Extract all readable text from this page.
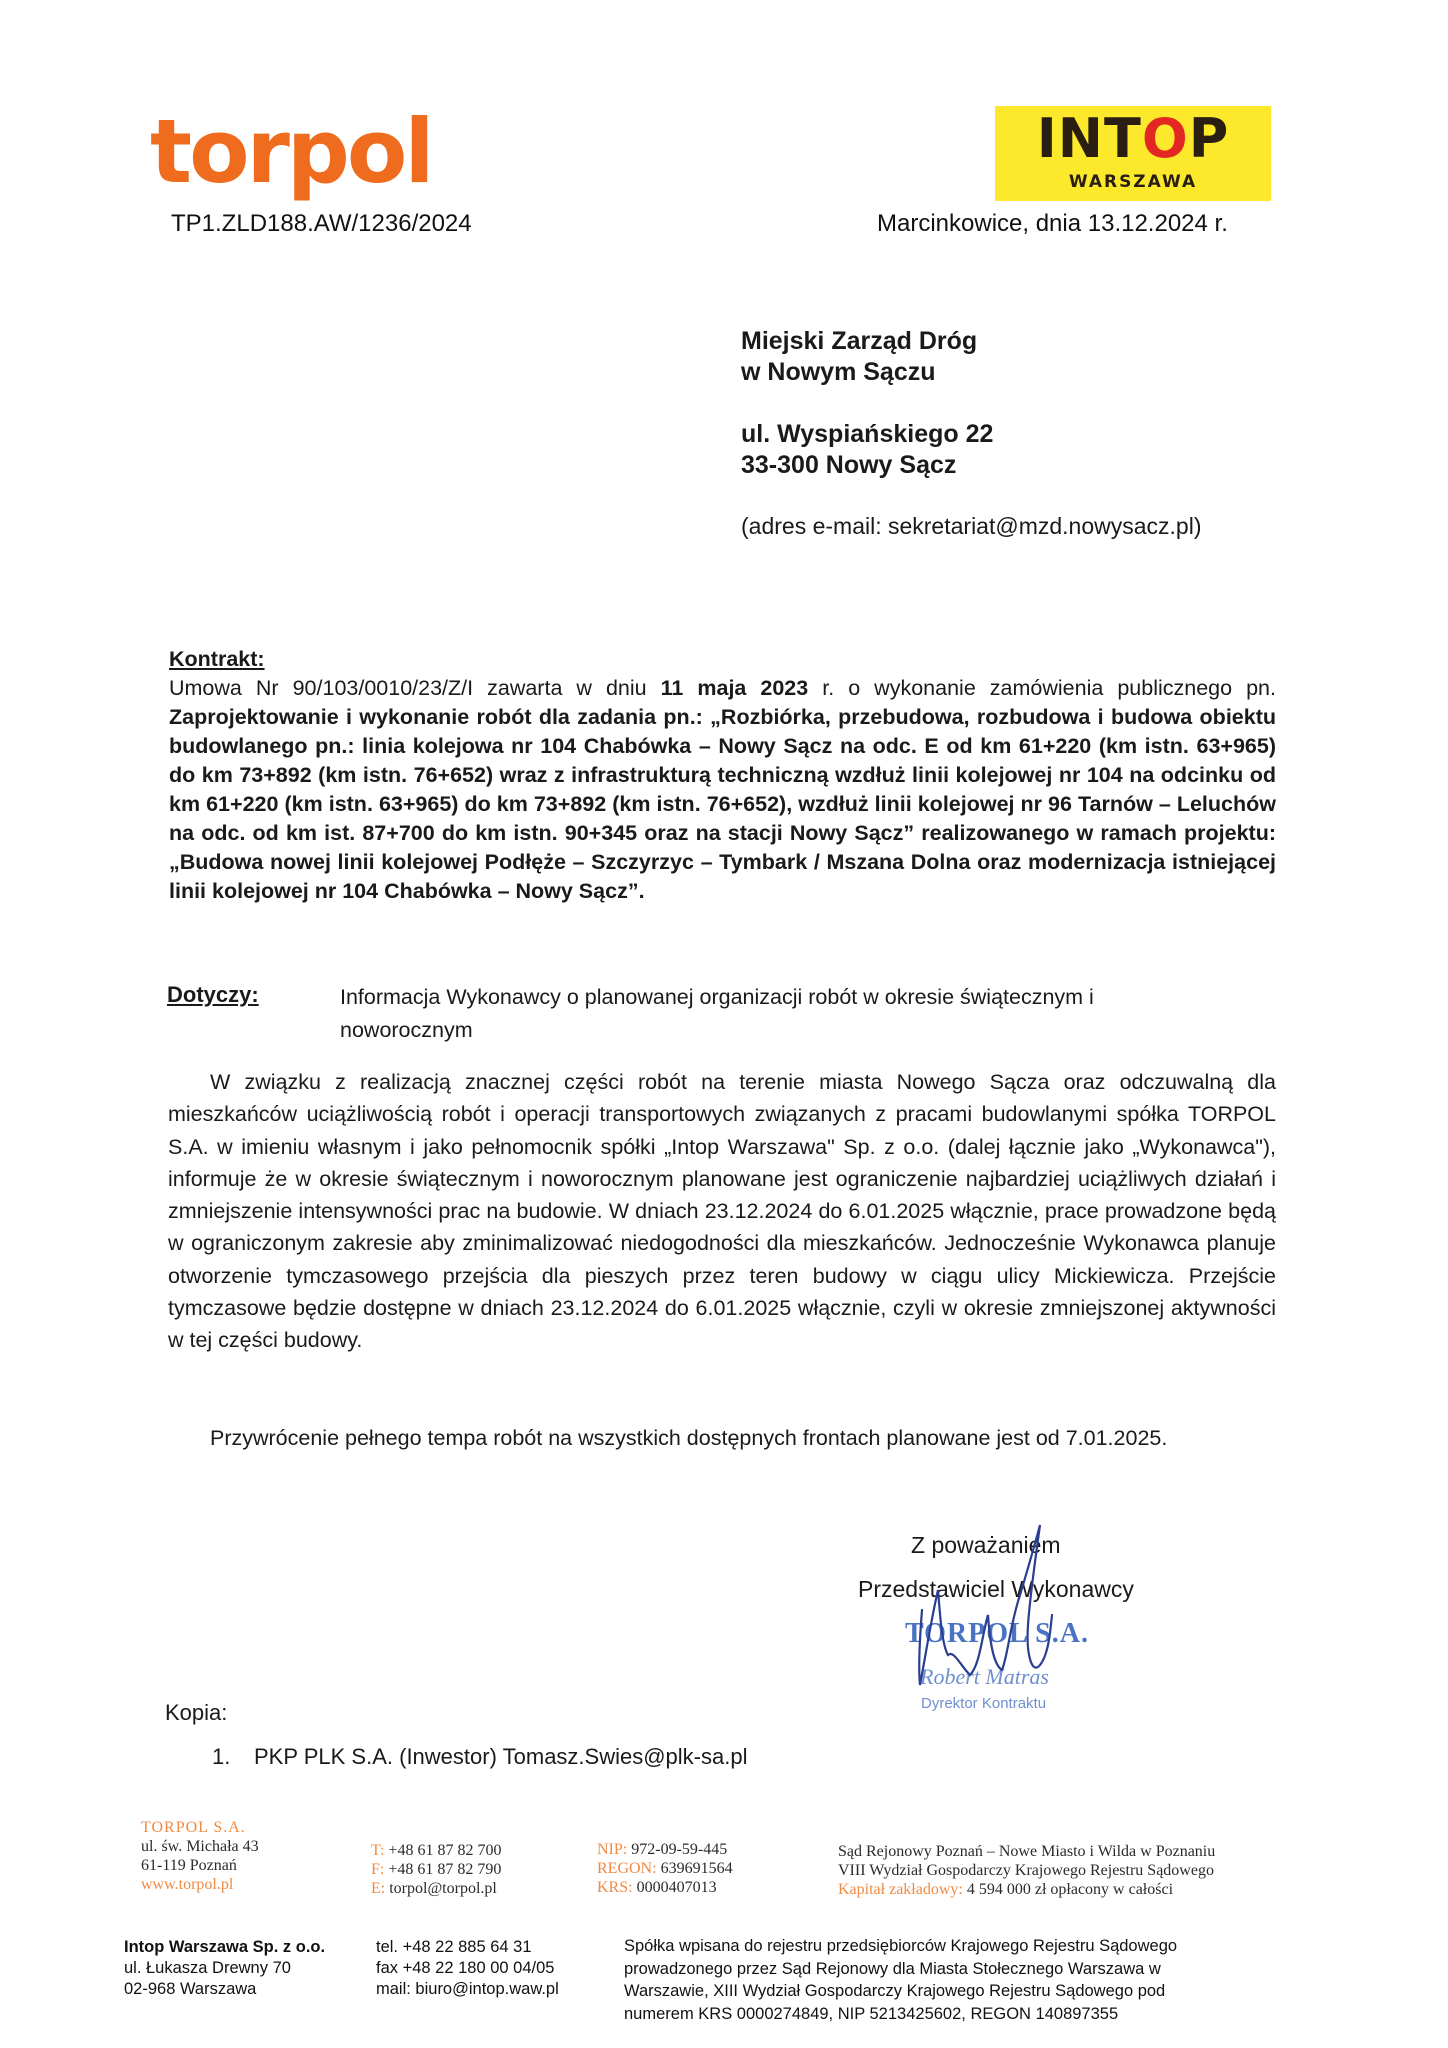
torpol
TP1.ZLD188.AW/1236/2024
INTOP
WARSZAWA
Marcinkowice, dnia 13.12.2024 r.
Miejski Zarząd Dróg
w Nowym Sączu
ul. Wyspiańskiego 22
33-300 Nowy Sącz
(adres e-mail: sekretariat@mzd.nowysacz.pl)
Kontrakt:
Umowa Nr 90/103/0010/23/Z/I zawarta w dniu 11 maja 2023 r. o wykonanie zamówienia publicznego pn. Zaprojektowanie i wykonanie robót dla zadania pn.: „Rozbiórka, przebudowa, rozbudowa i budowa obiektu budowlanego pn.: linia kolejowa nr 104 Chabówka – Nowy Sącz na odc. E od km 61+220 (km istn. 63+965) do km 73+892 (km istn. 76+652) wraz z infrastrukturą techniczną wzdłuż linii kolejowej nr 104 na odcinku od km 61+220 (km istn. 63+965) do km 73+892 (km istn. 76+652), wzdłuż linii kolejowej nr 96 Tarnów – Leluchów na odc. od km ist. 87+700 do km istn. 90+345 oraz na stacji Nowy Sącz” realizowanego w ramach projektu: „Budowa nowej linii kolejowej Podłęże – Szczyrzyc – Tymbark / Mszana Dolna oraz modernizacja istniejącej linii kolejowej nr 104 Chabówka – Nowy Sącz”.
Dotyczy:	Informacja Wykonawcy o planowanej organizacji robót w okresie świątecznym i noworocznym
W związku z realizacją znacznej części robót na terenie miasta Nowego Sącza oraz odczuwalną dla mieszkańców uciążliwością robót i operacji transportowych związanych z pracami budowlanymi spółka TORPOL S.A. w imieniu własnym i jako pełnomocnik spółki „Intop Warszawa" Sp. z o.o. (dalej łącznie jako „Wykonawca"), informuje że w okresie świątecznym i noworocznym planowane jest ograniczenie najbardziej uciążliwych działań i zmniejszenie intensywności prac na budowie. W dniach 23.12.2024 do 6.01.2025 włącznie, prace prowadzone będą w ograniczonym zakresie aby zminimalizować niedogodności dla mieszkańców. Jednocześnie Wykonawca planuje otworzenie tymczasowego przejścia dla pieszych przez teren budowy w ciągu ulicy Mickiewicza. Przejście tymczasowe będzie dostępne w dniach 23.12.2024 do 6.01.2025 włącznie, czyli w okresie zmniejszonej aktywności w tej części budowy.
Przywrócenie pełnego tempa robót na wszystkich dostępnych frontach planowane jest od 7.01.2025.
Z poważaniem
Przedstawiciel Wykonawcy
TORPOL S.A.
Robert Matras
Dyrektor Kontraktu
Kopia:
1. PKP PLK S.A. (Inwestor) Tomasz.Swies@plk-sa.pl
TORPOL S.A.
ul. św. Michała 43
61-119 Poznań
www.torpol.pl
T: +48 61 87 82 700
F: +48 61 87 82 790
E: torpol@torpol.pl
NIP: 972-09-59-445
REGON: 639691564
KRS: 0000407013
Sąd Rejonowy Poznań – Nowe Miasto i Wilda w Poznaniu
VIII Wydział Gospodarczy Krajowego Rejestru Sądowego
Kapitał zakładowy: 4 594 000 zł opłacony w całości
Intop Warszawa Sp. z o.o.
ul. Łukasza Drewny 70
02-968 Warszawa
tel. +48 22 885 64 31
fax +48 22 180 00 04/05
mail: biuro@intop.waw.pl
Spółka wpisana do rejestru przedsiębiorców Krajowego Rejestru Sądowego
prowadzonego przez Sąd Rejonowy dla Miasta Stołecznego Warszawa w
Warszawie, XIII Wydział Gospodarczy Krajowego Rejestru Sądowego pod
numerem KRS 0000274849, NIP 5213425602, REGON 140897355
